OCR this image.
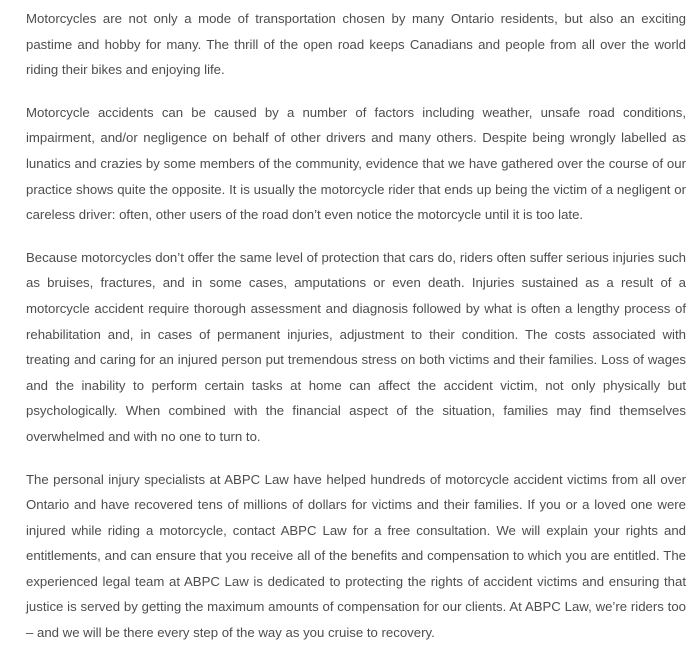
Motorcycles are not only a mode of transportation chosen by many Ontario residents, but also an exciting pastime and hobby for many. The thrill of the open road keeps Canadians and people from all over the world riding their bikes and enjoying life.

Motorcycle accidents can be caused by a number of factors including weather, unsafe road conditions, impairment, and/or negligence on behalf of other drivers and many others. Despite being wrongly labelled as lunatics and crazies by some members of the community, evidence that we have gathered over the course of our practice shows quite the opposite. It is usually the motorcycle rider that ends up being the victim of a negligent or careless driver: often, other users of the road don’t even notice the motorcycle until it is too late.

Because motorcycles don’t offer the same level of protection that cars do, riders often suffer serious injuries such as bruises, fractures, and in some cases, amputations or even death. Injuries sustained as a result of a motorcycle accident require thorough assessment and diagnosis followed by what is often a lengthy process of rehabilitation and, in cases of permanent injuries, adjustment to their condition. The costs associated with treating and caring for an injured person put tremendous stress on both victims and their families. Loss of wages and the inability to perform certain tasks at home can affect the accident victim, not only physically but psychologically. When combined with the financial aspect of the situation, families may find themselves overwhelmed and with no one to turn to.

The personal injury specialists at ABPC Law have helped hundreds of motorcycle accident victims from all over Ontario and have recovered tens of millions of dollars for victims and their families. If you or a loved one were injured while riding a motorcycle, contact ABPC Law for a free consultation. We will explain your rights and entitlements, and can ensure that you receive all of the benefits and compensation to which you are entitled. The experienced legal team at ABPC Law is dedicated to protecting the rights of accident victims and ensuring that justice is served by getting the maximum amounts of compensation for our clients. At ABPC Law, we’re riders too – and we will be there every step of the way as you cruise to recovery.
